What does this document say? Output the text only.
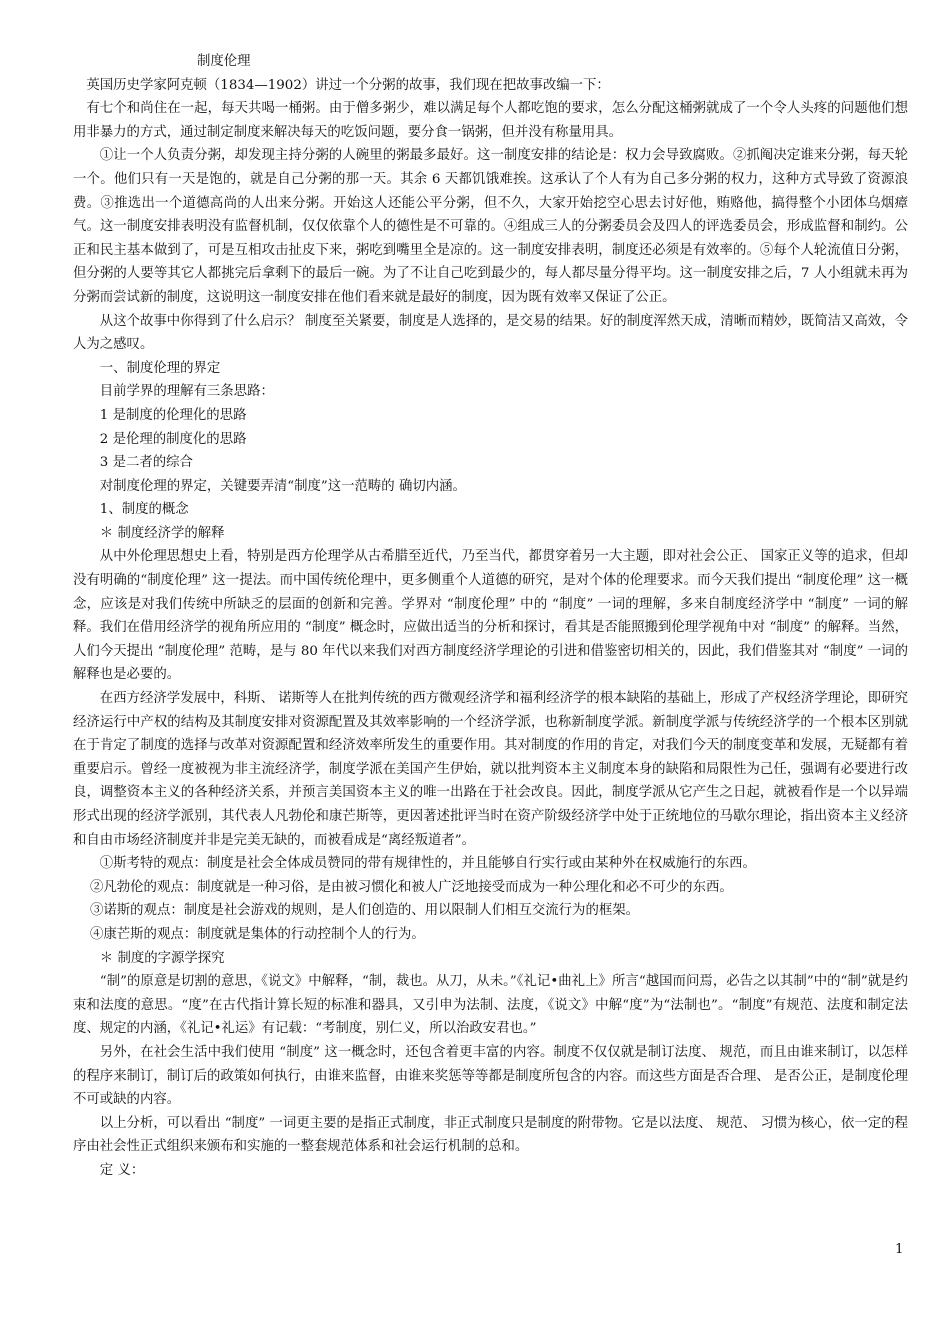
制度伦理

英国历史学家阿克顿（1834—1902）讲过一个分粥的故事，我们现在把故事改编一下：

有七个和尚住在一起，每天共喝一桶粥。由于僧多粥少，难以满足每个人都吃饱的要求，怎么分配这桶粥就成了一个令人头疼的问题他们想用非暴力的方式，通过制定制度来解决每天的吃饭问题，要分食一锅粥，但并没有称量用具。

①让一个人负责分粥，却发现主持分粥的人碗里的粥最多最好。这一制度安排的结论是：权力会导致腐败。②抓阄决定谁来分粥，每天轮一个。他们只有一天是饱的，就是自己分粥的那一天。其余 6 天都饥饿难挨。这承认了个人有为自己多分粥的权力，这种方式导致了资源浪费。③推选出一个道德高尚的人出来分粥。开始这人还能公平分粥，但不久，大家开始挖空心思去讨好他，贿赂他，搞得整个小团体乌烟瘴气。这一制度安排表明没有监督机制，仅仅依靠个人的德性是不可靠的。④组成三人的分粥委员会及四人的评选委员会，形成监督和制约。公正和民主基本做到了，可是互相攻击扯皮下来，粥吃到嘴里全是凉的。这一制度安排表明，制度还必须是有效率的。⑤每个人轮流值日分粥，但分粥的人要等其它人都挑完后拿剩下的最后一碗。为了不让自己吃到最少的，每人都尽量分得平均。这一制度安排之后，7 人小组就未再为分粥而尝试新的制度，这说明这一制度安排在他们看来就是最好的制度，因为既有效率又保证了公正。

从这个故事中你得到了什么启示？ 制度至关紧要，制度是人选择的，是交易的结果。好的制度浑然天成，清晰而精妙，既简洁又高效，令人为之感叹。

一、制度伦理的界定

目前学界的理解有三条思路：

1 是制度的伦理化的思路

2 是伦理的制度化的思路

3 是二者的综合

对制度伦理的界定，关键要弄清“制度”这一范畴的 确切内涵。

1、制度的概念

＊ 制度经济学的解释

从中外伦理思想史上看，特别是西方伦理学从古希腊至近代，乃至当代，都贯穿着另一大主题，即对社会公正、 国家正义等的追求，但却没有明确的“制度伦理” 这一提法。而中国传统伦理中，更多侧重个人道德的研究，是对个体的伦理要求。而今天我们提出 “制度伦理” 这一概念，应该是对我们传统中所缺乏的层面的创新和完善。学界对 “制度伦理” 中的 “制度” 一词的理解，多来自制度经济学中 “制度” 一词的解释。我们在借用经济学的视角所应用的 “制度” 概念时，应做出适当的分析和探讨，看其是否能照搬到伦理学视角中对 “制度” 的解释。当然，人们今天提出 “制度伦理” 范畴，是与 80 年代以来我们对西方制度经济学理论的引进和借鉴密切相关的，因此，我们借鉴其对 “制度” 一词的解释也是必要的。

在西方经济学发展中，科斯、 诺斯等人在批判传统的西方微观经济学和福利经济学的根本缺陷的基础上，形成了产权经济学理论，即研究经济运行中产权的结构及其制度安排对资源配置及其效率影响的一个经济学派，也称新制度学派。新制度学派与传统经济学的一个根本区别就在于肯定了制度的选择与改革对资源配置和经济效率所发生的重要作用。其对制度的作用的肯定，对我们今天的制度变革和发展，无疑都有着重要启示。曾经一度被视为非主流经济学，制度学派在美国产生伊始，就以批判资本主义制度本身的缺陷和局限性为己任，强调有必要进行改良，调整资本主义的各种经济关系，并预言美国资本主义的唯一出路在于社会改良。因此，制度学派从它产生之日起，就被看作是一个以异端形式出现的经济学派别，其代表人凡勃伦和康芒斯等，更因著述批评当时在资产阶级经济学中处于正统地位的马歇尔理论，指出资本主义经济和自由市场经济制度并非是完美无缺的，而被看成是“离经叛道者”。

①斯考特的观点：制度是社会全体成员赞同的带有规律性的，并且能够自行实行或由某种外在权威施行的东西。

②凡勃伦的观点：制度就是一种习俗，是由被习惯化和被人广泛地接受而成为一种公理化和必不可少的东西。

③诺斯的观点：制度是社会游戏的规则，是人们创造的、用以限制人们相互交流行为的框架。

④康芒斯的观点：制度就是集体的行动控制个人的行为。

＊ 制度的字源学探究

“制”的原意是切割的意思，《说文》中解释，“制，裁也。从刀，从未。”《礼记•曲礼上》所言“越国而问焉，必告之以其制”中的“制”就是约束和法度的意思。“度”在古代指计算长短的标准和器具，又引申为法制、法度，《说文》中解“度”为“法制也”。“制度”有规范、法度和制定法度、规定的内涵，《礼记•礼运》有记载：“考制度，别仁义，所以治政安君也。”

另外，在社会生活中我们使用 “制度” 这一概念时，还包含着更丰富的内容。制度不仅仅就是制订法度、 规范，而且由谁来制订，以怎样的程序来制订，制订后的政策如何执行，由谁来监督，由谁来奖惩等等都是制度所包含的内容。而这些方面是否合理、 是否公正，是制度伦理不可或缺的内容。

以上分析，可以看出 “制度” 一词更主要的是指正式制度，非正式制度只是制度的附带物。它是以法度、 规范、 习惯为核心，依一定的程序由社会性正式组织来颁布和实施的一整套规范体系和社会运行机制的总和。

定 义：

1
